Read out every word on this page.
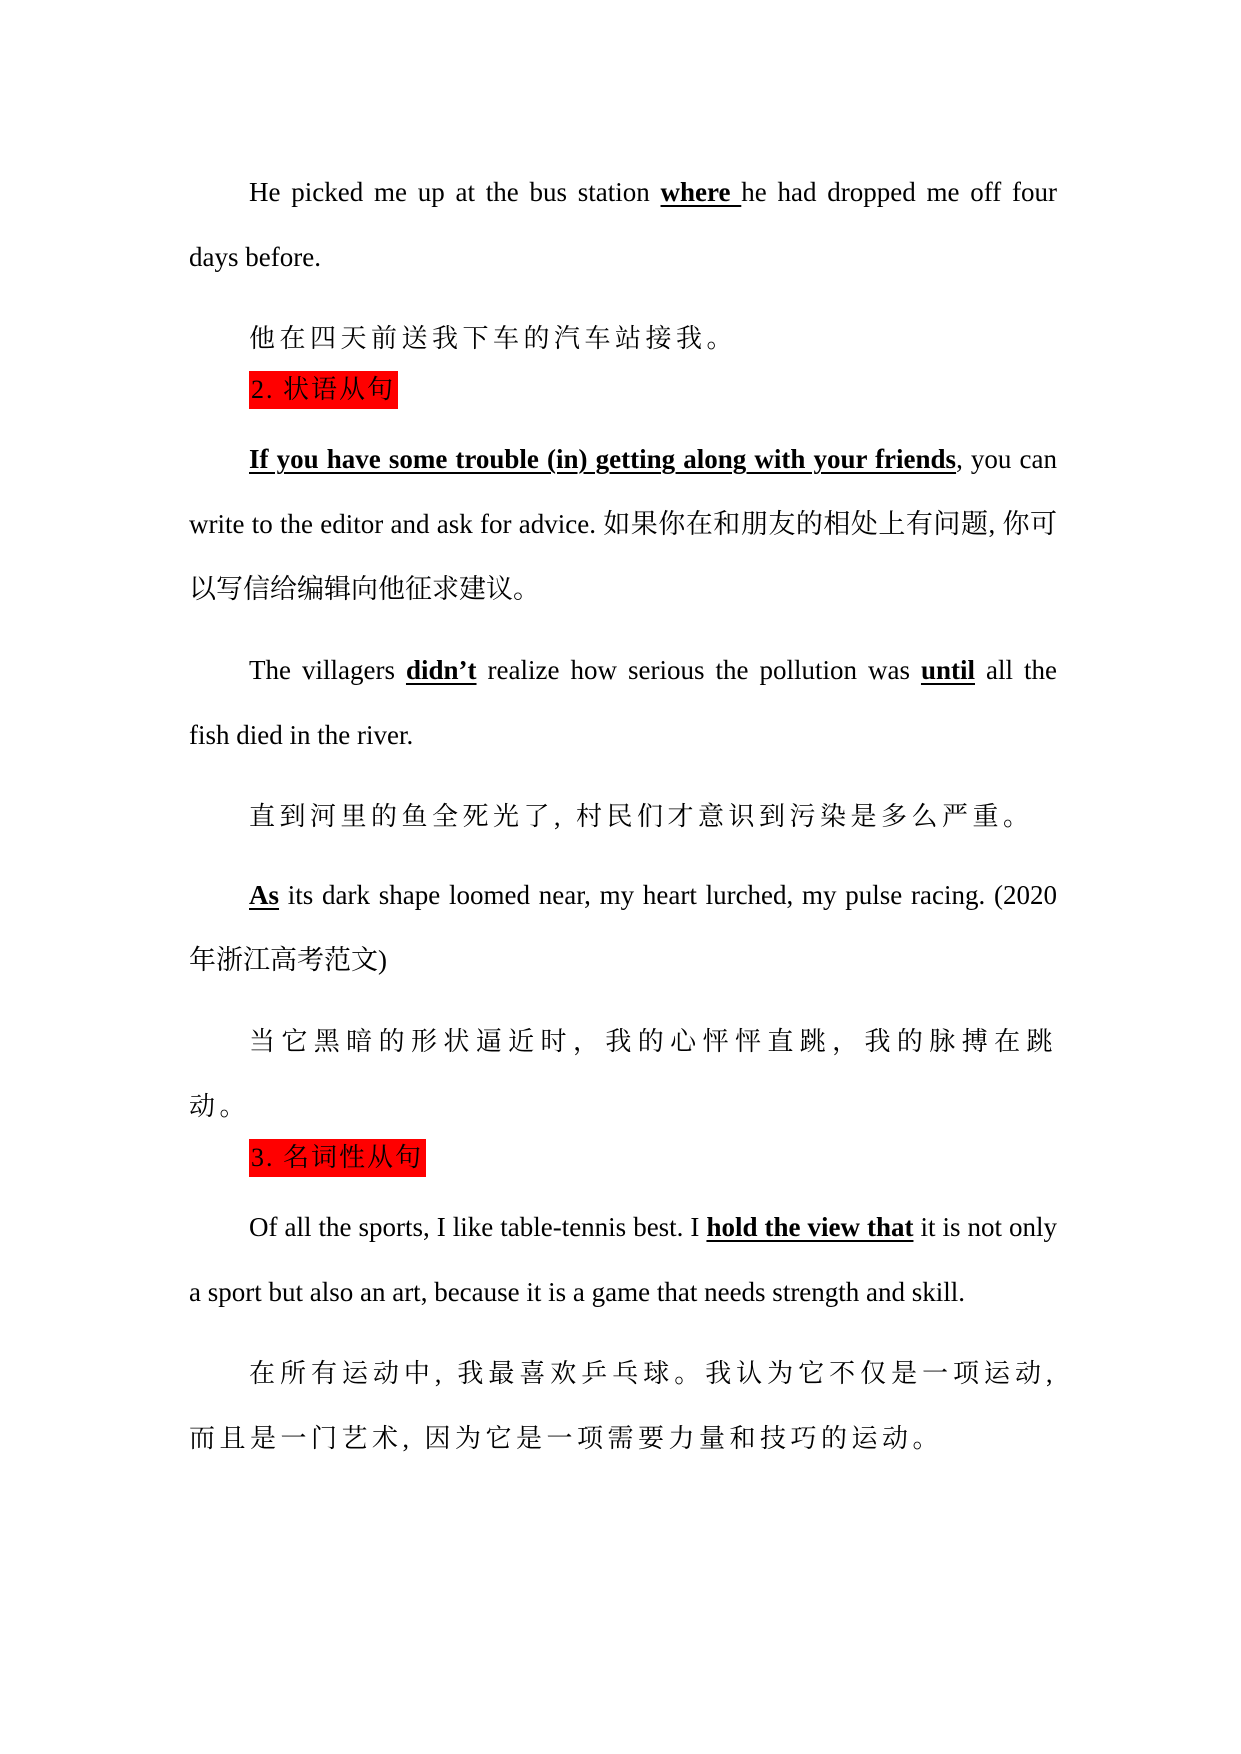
He picked me up at the bus station where he had dropped me off four days before.

他在四天前送我下车的汽车站接我。

2. 状语从句

If you have some trouble (in) getting along with your friends, you can write to the editor and ask for advice. 如果你在和朋友的相处上有问题, 你可以写信给编辑向他征求建议。

The villagers didn’t realize how serious the pollution was until all the fish died in the river.

直到河里的鱼全死光了, 村民们才意识到污染是多么严重。

As its dark shape loomed near, my heart lurched, my pulse racing. (2020 年浙江高考范文)

当它黑暗的形状逼近时，我的心怦怦直跳，我的脉搏在跳动。

3. 名词性从句

Of all the sports, I like table-tennis best. I hold the view that it is not only a sport but also an art, because it is a game that needs strength and skill.

在所有运动中, 我最喜欢乒乓球。我认为它不仅是一项运动, 而且是一门艺术, 因为它是一项需要力量和技巧的运动。
